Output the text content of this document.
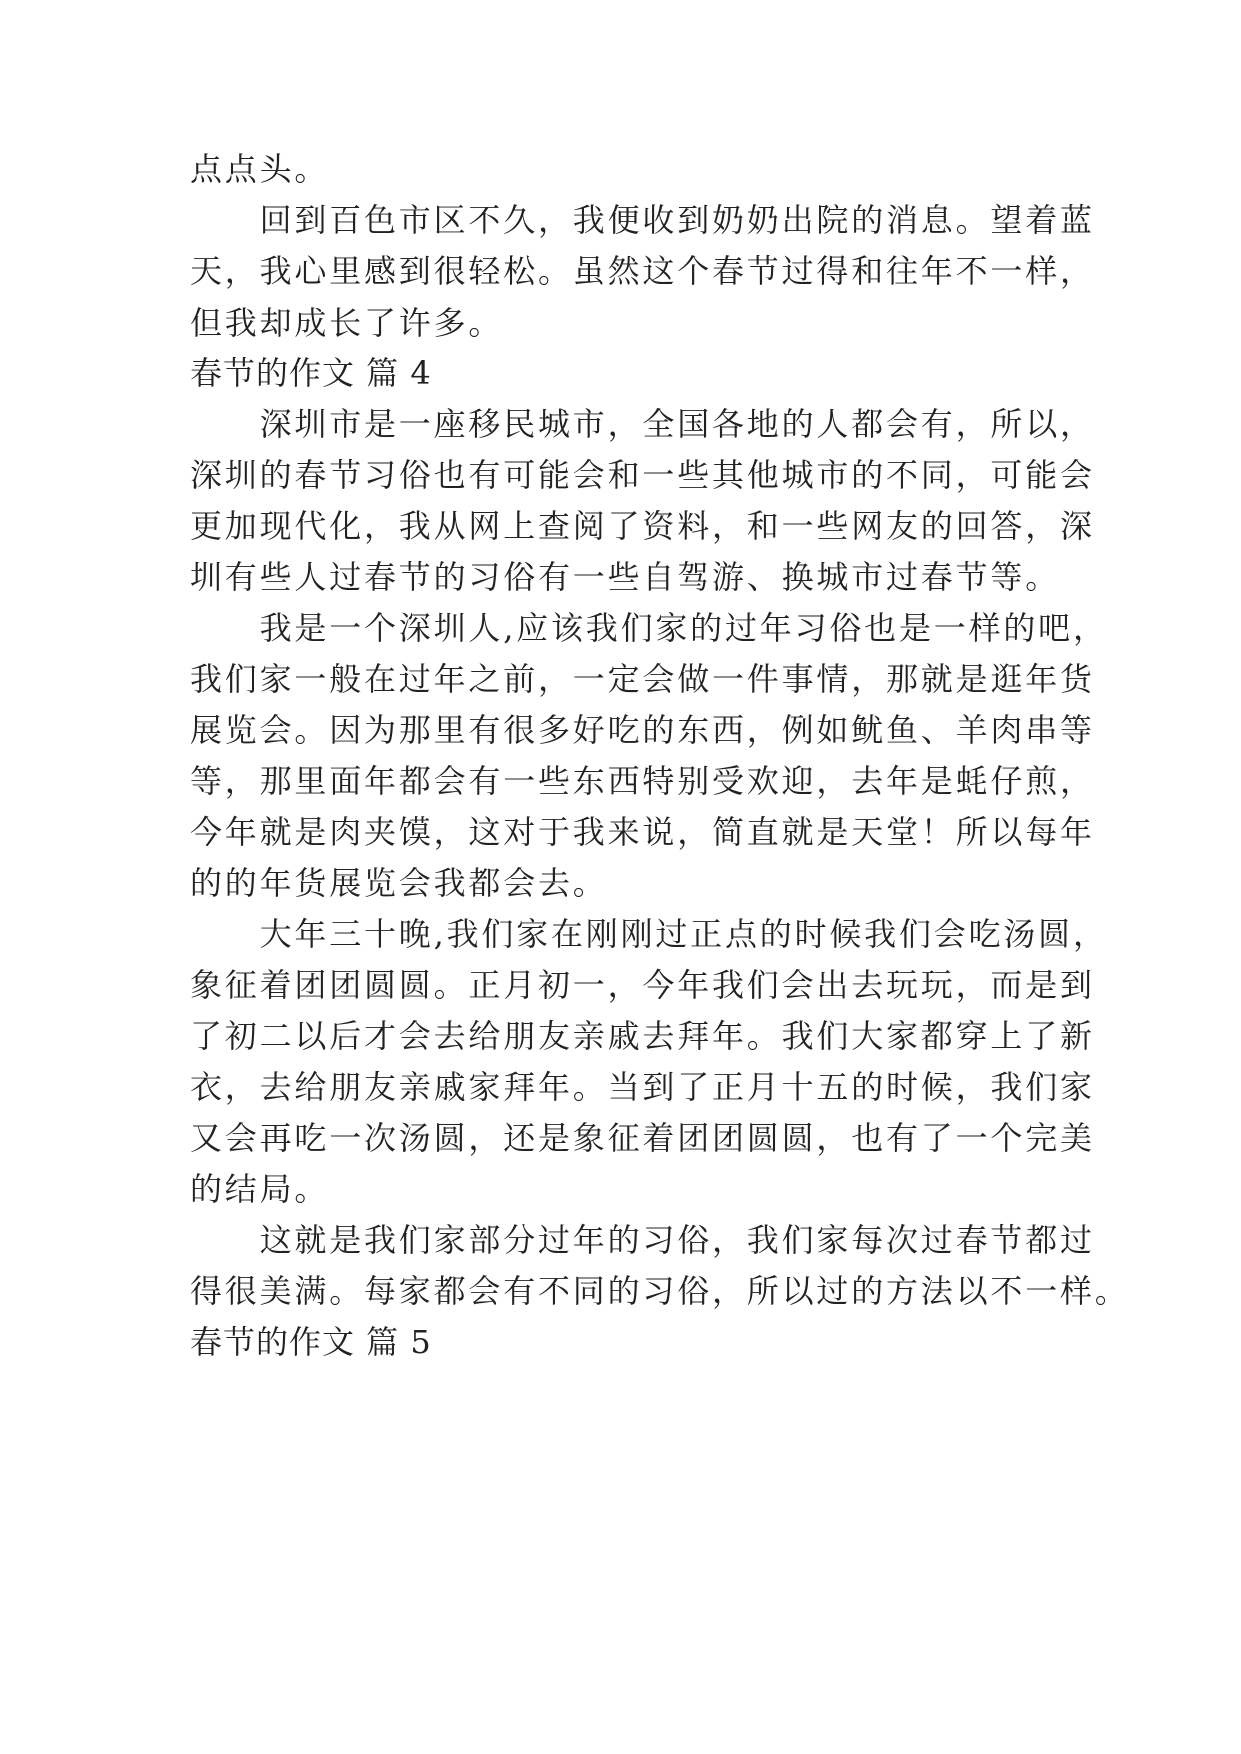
点点头。
　　回到百色市区不久，我便收到奶奶出院的消息。望着蓝
天，我心里感到很轻松。虽然这个春节过得和往年不一样，
但我却成长了许多。
春节的作文 篇 4
　　深圳市是一座移民城市，全国各地的人都会有，所以，
深圳的春节习俗也有可能会和一些其他城市的不同，可能会
更加现代化，我从网上查阅了资料，和一些网友的回答，深
圳有些人过春节的习俗有一些自驾游、换城市过春节等。
　　我是一个深圳人,应该我们家的过年习俗也是一样的吧，
我们家一般在过年之前，一定会做一件事情，那就是逛年货
展览会。因为那里有很多好吃的东西，例如鱿鱼、羊肉串等
等，那里面年都会有一些东西特别受欢迎，去年是蚝仔煎，
今年就是肉夹馍，这对于我来说，简直就是天堂！所以每年
的的年货展览会我都会去。
　　大年三十晚,我们家在刚刚过正点的时候我们会吃汤圆，
象征着团团圆圆。正月初一，今年我们会出去玩玩，而是到
了初二以后才会去给朋友亲戚去拜年。我们大家都穿上了新
衣，去给朋友亲戚家拜年。当到了正月十五的时候，我们家
又会再吃一次汤圆，还是象征着团团圆圆，也有了一个完美
的结局。
　　这就是我们家部分过年的习俗，我们家每次过春节都过
得很美满。每家都会有不同的习俗，所以过的方法以不一样。
春节的作文 篇 5
